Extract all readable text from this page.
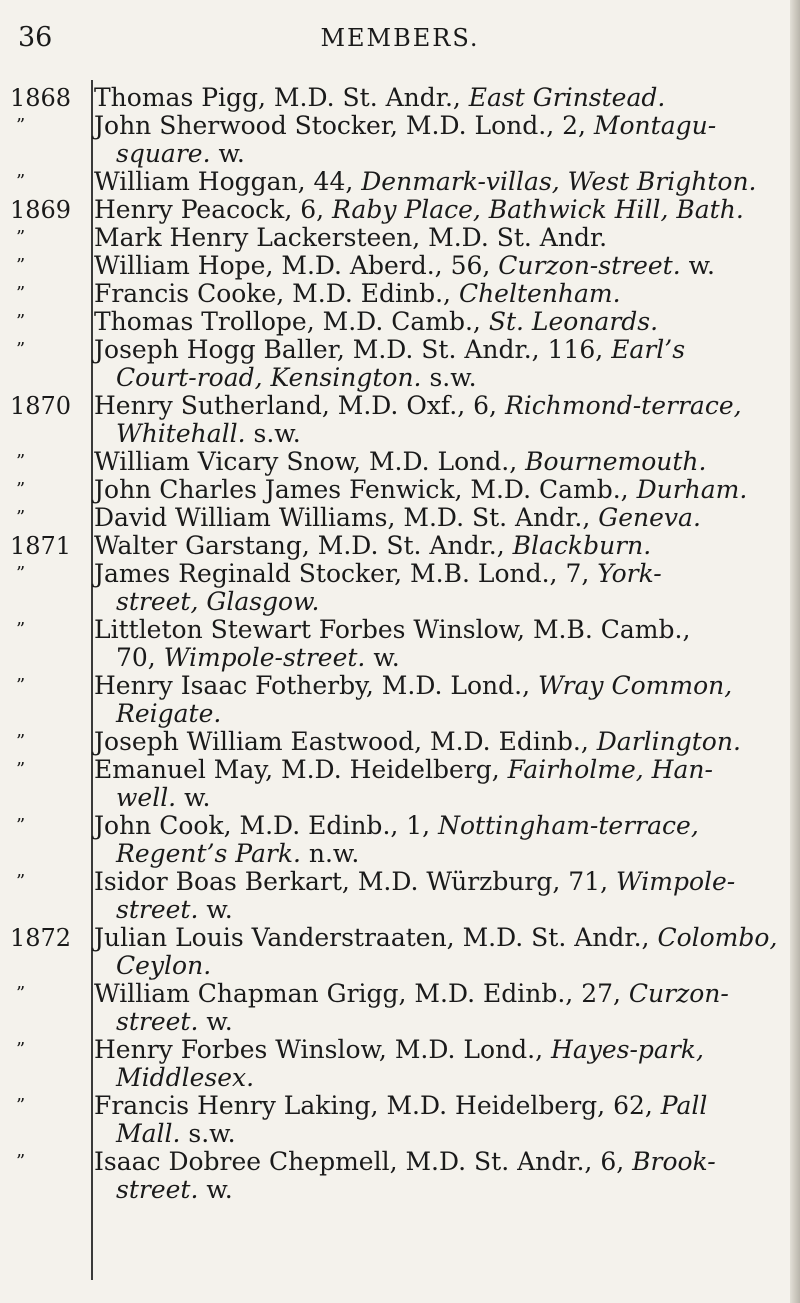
36	MEMBERS.
1868 Thomas Pigg, M.D. St. Andr., East Grinstead.
”	John Sherwood Stocker, M.D. Lond., 2, Montagu-
square. w.
”	William Hoggan, 44, Denmark-villas, West Brighton.
1869 Henry Peacock, 6, Raby Place, Bathwick Hill, Bath.
”	Mark Henry Lackersteen, M.D. St. Andr.
”	William Hope, M.D. Aberd., 56, Curzon-street. w.
”	Francis Cooke, M.D. Edinb., Cheltenham.
”	Thomas Trollope, M.D. Camb., St. Leonards.
”	Joseph Hogg Baller, M.D. St. Andr., 116, Earl’s
Court-road, Kensington. s.w.
1870 Henry Sutherland, M.D. Oxf., 6, Richmond-terrace,
Whitehall. s.w.
”	William Vicary Snow, M.D. Lond., Bournemouth.
”	John Charles James Fenwick, M.D. Camb., Durham.
”	David William Williams, M.D. St. Andr., Geneva.
1871 Walter Garstang, M.D. St. Andr., Blackburn.
”	James Reginald Stocker, M.B. Lond., 7, York-
street, Glasgow.
”	Littleton Stewart Forbes Winslow, M.B. Camb.,
70, Wimpole-street. w.
”	Henry Isaac Fotherby, M.D. Lond., Wray Common,
Reigate.
”	Joseph William Eastwood, M.D. Edinb., Darlington.
”	Emanuel May, M.D. Heidelberg, Fairholme, Han-
well. w.
”	John Cook, M.D. Edinb., 1, Nottingham-terrace,
Regent’s Park. n.w.
”	Isidor Boas Berkart, M.D. Würzburg, 71, Wimpole-
street. w.
1872 Julian Louis Vanderstraaten, M.D. St. Andr., Colombo,
Ceylon.
”	William Chapman Grigg, M.D. Edinb., 27, Curzon-
street. w.
”	Henry Forbes Winslow, M.D. Lond., Hayes-park,
Middlesex.
”	Francis Henry Laking, M.D. Heidelberg, 62, Pall
Mall. s.w.
”	Isaac Dobree Chepmell, M.D. St. Andr., 6, Brook-
street. w.
